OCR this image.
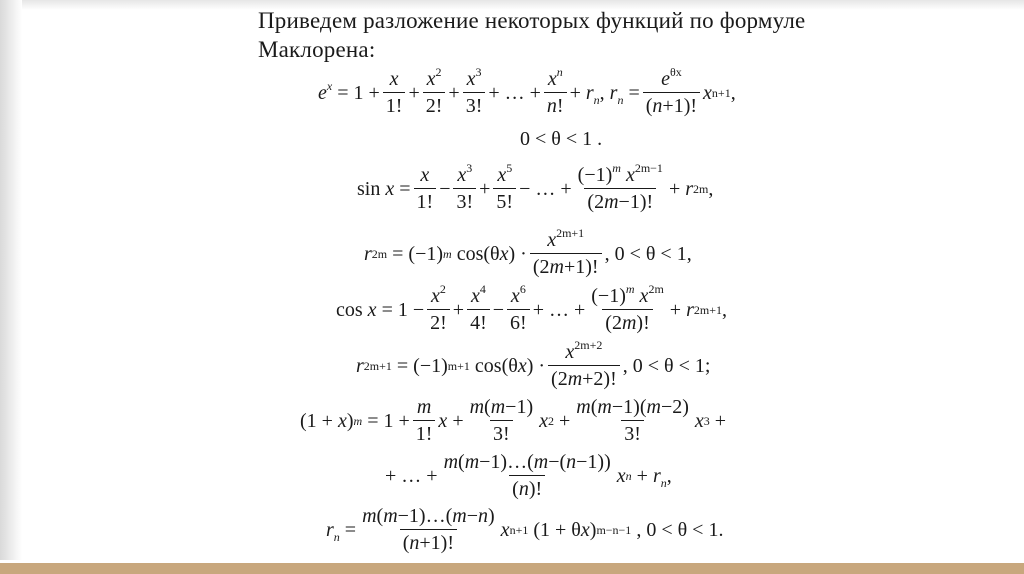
Приведем разложение некоторых функций по формуле Маклорена:
$e^x = 1 + \frac{x}{1!} + \frac{x^2}{2!} + \frac{x^3}{3!}$ + … + $\frac{x^n}{n!} + r_n$ , $r_n = \frac{e^{\theta x}}{(n+1)!}$ x n+1 ,
0 < θ < 1 .
$\sin x = \frac{x}{1!} - \frac{x^3}{3!} + \frac{x^5}{5!}$ − … + $\frac{(-1)^m x^{2m-1}}{(2m-1)!} + r$ 2m ,
r 2m = (−1) m cos(θ x ) · $\frac{x^{2m+1}}{(2m+1)!}$ , 0 < θ < 1,
$\cos x = 1 - \frac{x^2}{2!} + \frac{x^4}{4!} - \frac{x^6}{6!}$ + … + $\frac{(-1)^m x^{2m}}{(2m)!} + r$ 2m+1 ,
r 2m+1 = (−1) m+1 cos(θ x ) · $\frac{x^{2m+2}}{(2m+2)!}$ , 0 < θ < 1;
(1 + x ) $m = 1 + \frac{m}{1!}$ $x + \frac{m(m-1)}{3!}$ x $2 + \frac{m(m-1)(m-2)}{3!}$ x 3 +
+ … + $\frac{m(m-1)\dots(m-(n-1))}{(n)!}$ x $n + r_n$ ,
$r_n = \frac{m(m-1)\dots(m-n)}{(n+1)!}$ x n+1 (1 + θ x ) m−n−1 , 0 < θ < 1.
